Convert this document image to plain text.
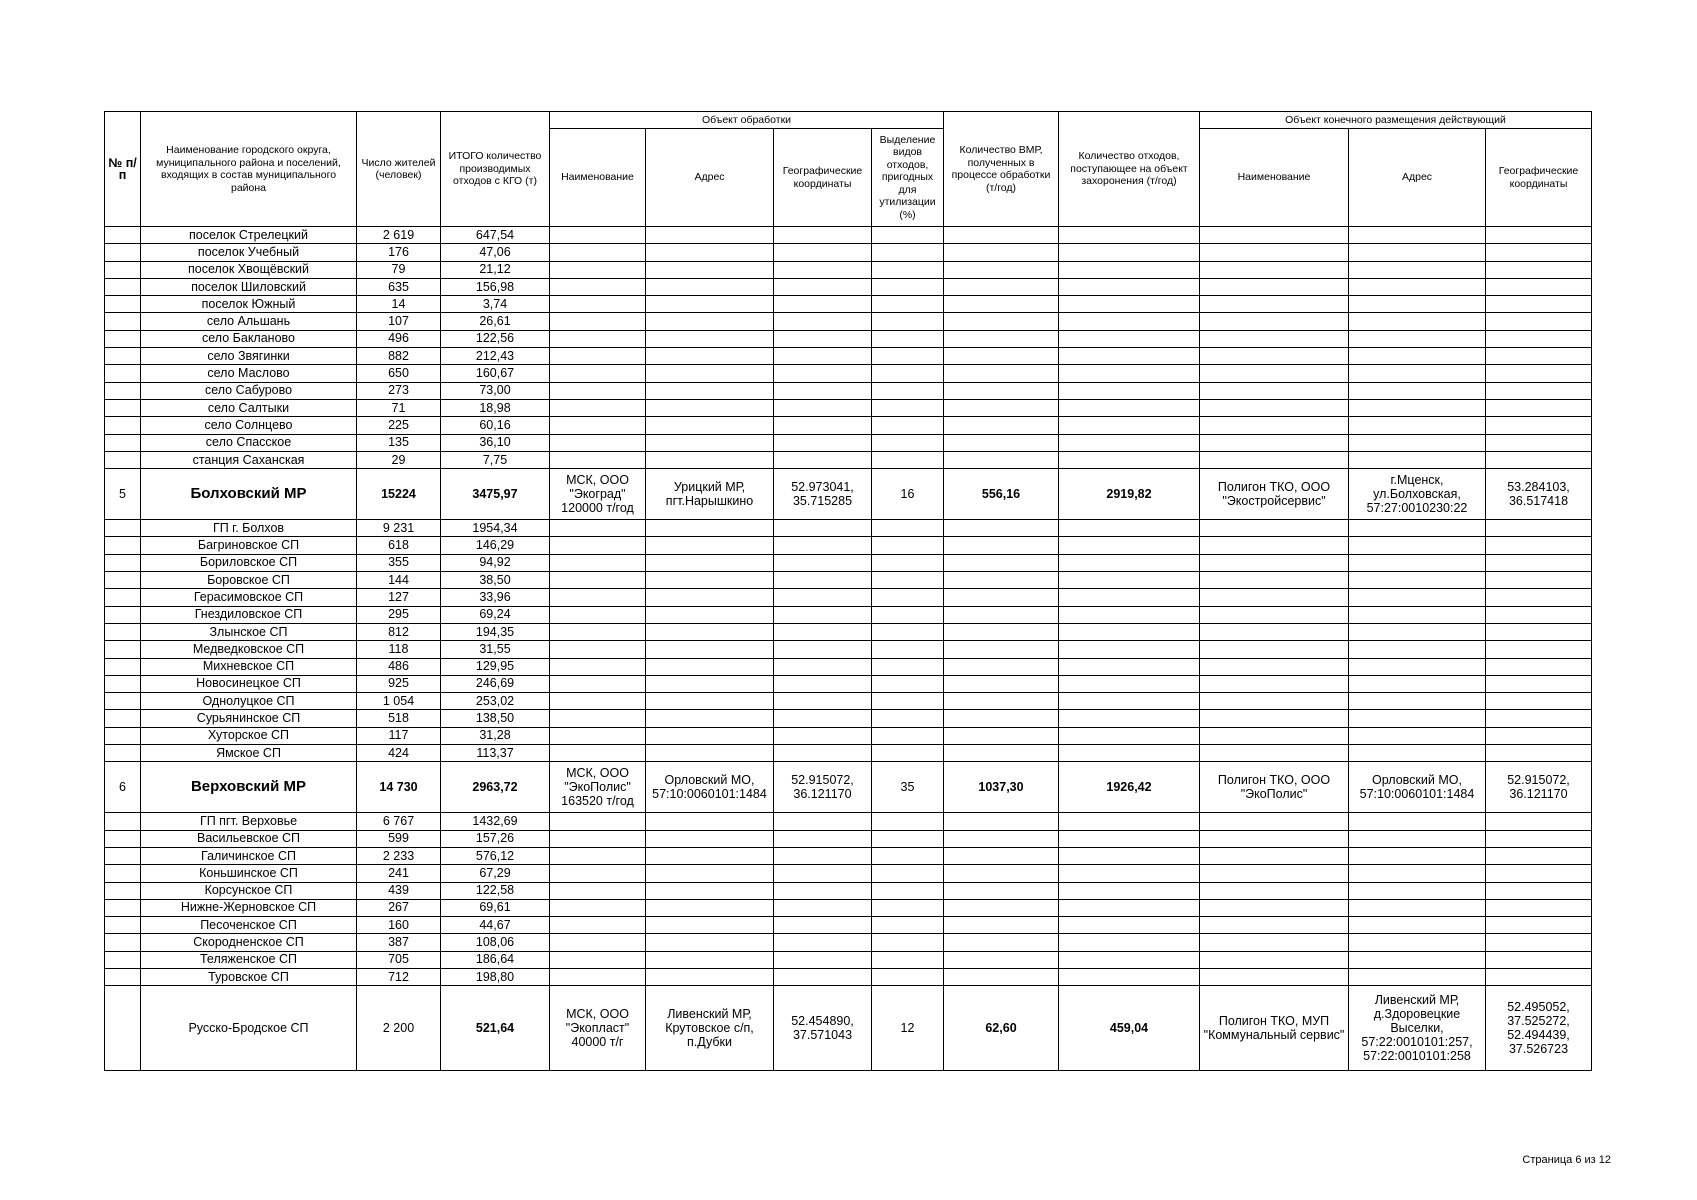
№ п/п	Наименование городского округа, муниципального района и поселений, входящих в состав муниципального района	Число жителей (человек)	ИТОГО количество производимых отходов с КГО (т)	Объект обработки				Количество ВМР, полученных в процессе обработки (т/год)	Количество отходов, поступающее на объект захоронения (т/год)	Объект конечного размещения действующий		
				Наименование	Адрес	Географические координаты	Выделение видов отходов, пригодных для утилизации (%)			Наименование	Адрес	Географические координаты
	поселок Стрелецкий	2 619	647,54									
	поселок Учебный	176	47,06									
	поселок Хвощёвский	79	21,12									
	поселок Шиловский	635	156,98									
	поселок Южный	14	3,74									
	село Альшань	107	26,61									
	село Бакланово	496	122,56									
	село Звягинки	882	212,43									
	село Маслово	650	160,67									
	село Сабурово	273	73,00									
	село Салтыки	71	18,98									
	село Солнцево	225	60,16									
	село Спасское	135	36,10									
	станция Саханская	29	7,75									
5	Болховский МР	15224	3475,97	МСК, ООО "Экоград" 120000 т/год	Урицкий МР, пгт.Нарышкино	52.973041, 35.715285	16	556,16	2919,82	Полигон ТКО, ООО "Экостройсервис"	г.Мценск, ул.Болховская, 57:27:0010230:22	53.284103, 36.517418
	ГП г. Болхов	9 231	1954,34									
	Багриновское СП	618	146,29									
	Бориловское СП	355	94,92									
	Боровское СП	144	38,50									
	Герасимовское СП	127	33,96									
	Гнездиловское СП	295	69,24									
	Злынское СП	812	194,35									
	Медведковское СП	118	31,55									
	Михневское СП	486	129,95									
	Новосинецкое СП	925	246,69									
	Однолуцкое СП	1 054	253,02									
	Сурьянинское СП	518	138,50									
	Хуторское СП	117	31,28									
	Ямское СП	424	113,37									
6	Верховский МР	14 730	2963,72	МСК, ООО "ЭкоПолис" 163520 т/год	Орловский МО, 57:10:0060101:1484	52.915072, 36.121170	35	1037,30	1926,42	Полигон ТКО, ООО "ЭкоПолис"	Орловский МО, 57:10:0060101:1484	52.915072, 36.121170
	ГП пгт. Верховье	6 767	1432,69									
	Васильевское СП	599	157,26									
	Галичинское СП	2 233	576,12									
	Коньшинское СП	241	67,29									
	Корсунское СП	439	122,58									
	Нижне-Жерновское СП	267	69,61									
	Песоченское СП	160	44,67									
	Скородненское СП	387	108,06									
	Теляженское СП	705	186,64									
	Туровское СП	712	198,80									
	Русско-Бродское СП	2 200	521,64	МСК, ООО "Экопласт" 40000 т/г	Ливенский МР, Крутовское с/п, п.Дубки	52.454890, 37.571043	12	62,60	459,04	Полигон ТКО, МУП "Коммунальный сервис"	Ливенский МР, д.Здоровецкие Выселки, 57:22:0010101:257, 57:22:0010101:258	52.495052, 37.525272, 52.494439, 37.526723
Страница 6 из 12
